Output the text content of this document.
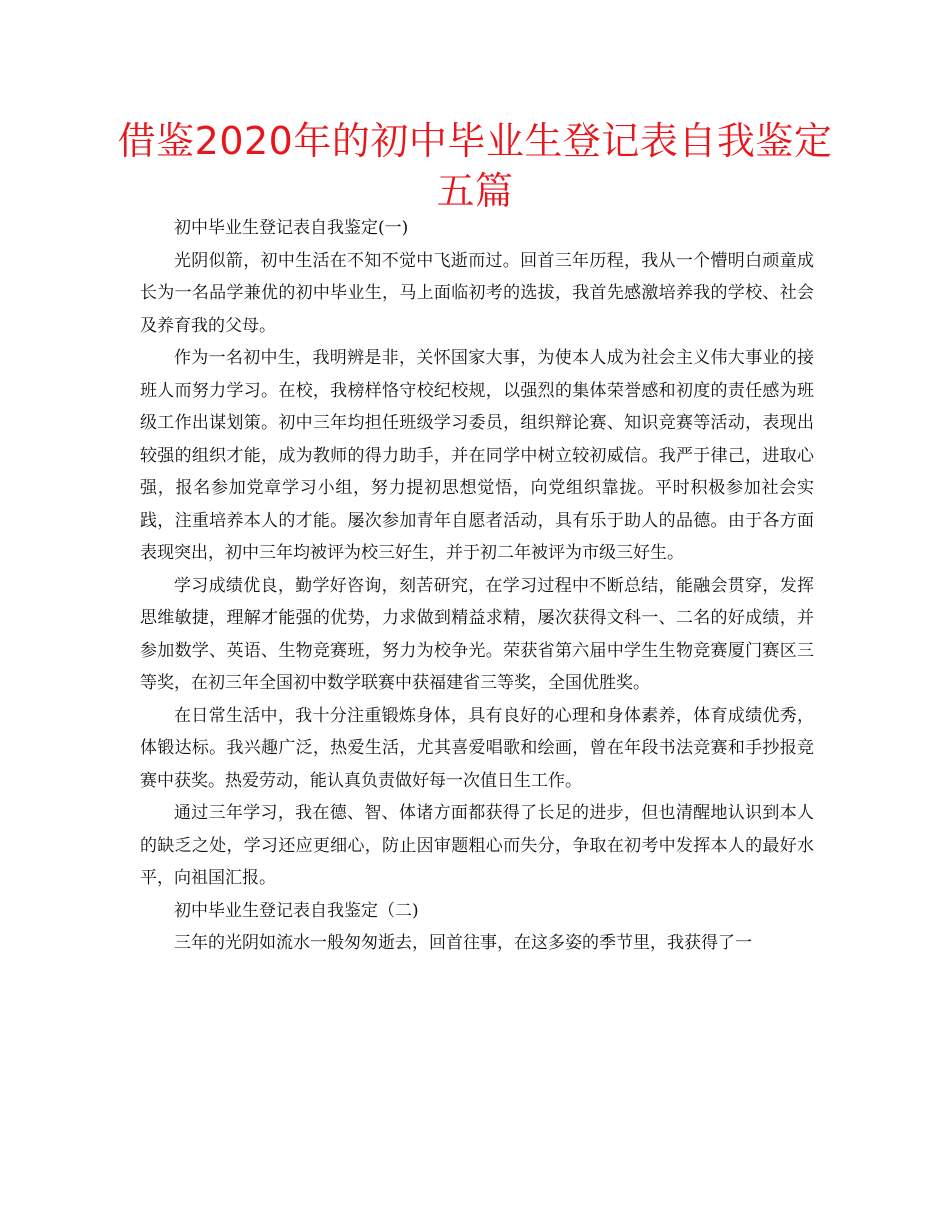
借鉴2020年的初中毕业生登记表自我鉴定五篇

初中毕业生登记表自我鉴定(一)

光阴似箭，初中生活在不知不觉中飞逝而过。回首三年历程，我从一个懵明白顽童成长为一名品学兼优的初中毕业生，马上面临初考的选拔，我首先感激培养我的学校、社会及养育我的父母。

作为一名初中生，我明辨是非，关怀国家大事，为使本人成为社会主义伟大事业的接班人而努力学习。在校，我榜样恪守校纪校规，以强烈的集体荣誉感和初度的责任感为班级工作出谋划策。初中三年均担任班级学习委员，组织辩论赛、知识竞赛等活动，表现出较强的组织才能，成为教师的得力助手，并在同学中树立较初威信。我严于律己，进取心强，报名参加党章学习小组，努力提初思想觉悟，向党组织靠拢。平时积极参加社会实践，注重培养本人的才能。屡次参加青年自愿者活动，具有乐于助人的品德。由于各方面表现突出，初中三年均被评为校三好生，并于初二年被评为市级三好生。

学习成绩优良，勤学好咨询，刻苦研究，在学习过程中不断总结，能融会贯穿，发挥思维敏捷，理解才能强的优势，力求做到精益求精，屡次获得文科一、二名的好成绩，并参加数学、英语、生物竞赛班，努力为校争光。荣获省第六届中学生生物竞赛厦门赛区三等奖，在初三年全国初中数学联赛中获福建省三等奖，全国优胜奖。

在日常生活中，我十分注重锻炼身体，具有良好的心理和身体素养，体育成绩优秀，体锻达标。我兴趣广泛，热爱生活，尤其喜爱唱歌和绘画，曾在年段书法竞赛和手抄报竞赛中获奖。热爱劳动，能认真负责做好每一次值日生工作。

通过三年学习，我在德、智、体诸方面都获得了长足的进步，但也清醒地认识到本人的缺乏之处，学习还应更细心，防止因审题粗心而失分，争取在初考中发挥本人的最好水平，向祖国汇报。

初中毕业生登记表自我鉴定（二)

三年的光阴如流水一般匆匆逝去，回首往事，在这多姿的季节里，我获得了一
